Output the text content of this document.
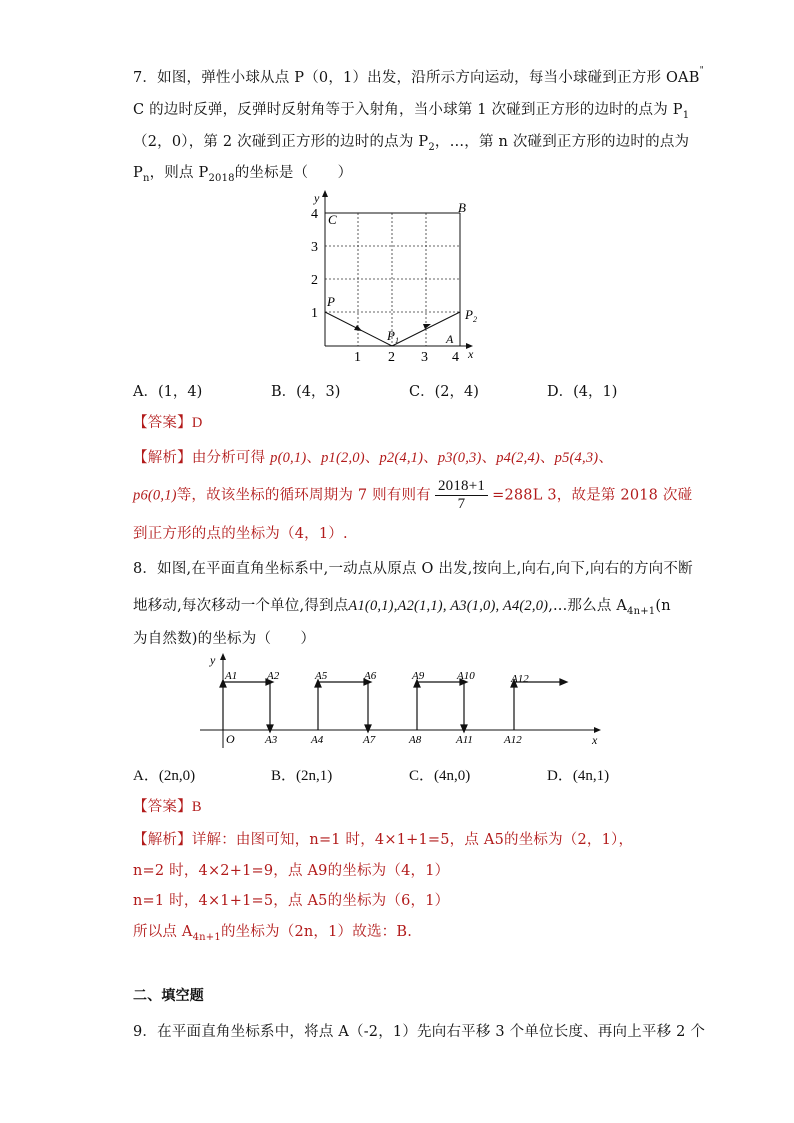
7．如图，弹性小球从点 P（0，1）出发，沿所示方向运动，每当小球碰到正方形 OAB"
C 的边时反弹，反弹时反射角等于入射角，当小球第 1 次碰到正方形的边时的点为 $P_1$
（2，0），第 2 次碰到正方形的边时的点为 $P_2$，…，第 n 次碰到正方形的边时的点为
$P_n$，则点 $P_{2018}$的坐标是（　　）
y
x
4
3
2
1
1 2 3 4
C
B
P
A
$P_1$
$P_2$
A．(1，4)	B．(4，3)	C．(2，4)	D．(4，1)
【答案】D
【解析】由分析可得 p(0,1)、p1(2,0)、p2(4,1)、p3(0,3)、p4(2,4)、p5(4,3)、
p6(0,1)等，故该坐标的循环周期为 7 则有则有 $\frac{2018+1}{7} =288L$ 3，故是第 2018 次碰
到正方形的点的坐标为（4，1）.
8．如图,在平面直角坐标系中,一动点从原点 O 出发,按向上,向右,向下,向右的方向不断
地移动,每次移动一个单位,得到点A1(0,1),A2(1,1), A3(1,0), A4(2,0),...那么点 $A_{4n+1}(n$
为自然数)的坐标为（　　）
y
x
O
A1	A2	A5	A6	A9	A10	A12
A3	A4	A7	A8	A11	A12
A．(2n,0)	B．(2n,1)	C．(4n,0)	D．(4n,1)
【答案】B
【解析】详解：由图可知，n=1 时，4×1+1=5，点 A5的坐标为（2，1），
n=2 时，4×2+1=9，点 A9的坐标为（4，1）
n=1 时，4×1+1=5，点 A5的坐标为（6，1）
所以点 $A_{4n+1}$的坐标为（2n，1）故选：B.
二、填空题
9．在平面直角坐标系中，将点 A（-2，1）先向右平移 3 个单位长度、再向上平移 2 个
